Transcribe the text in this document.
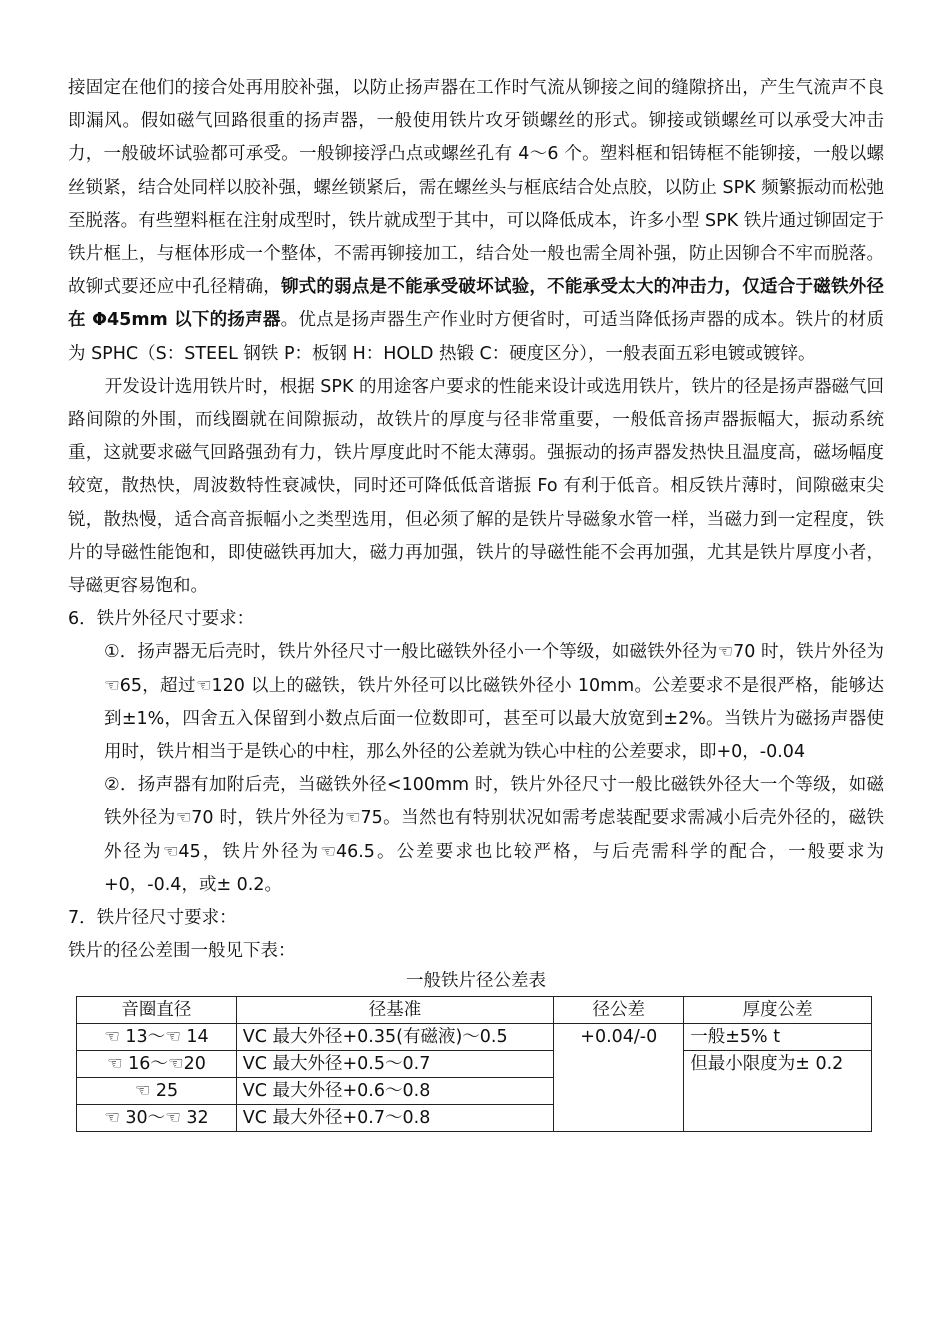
接固定在他们的接合处再用胶补强，以防止扬声器在工作时气流从铆接之间的缝隙挤出，产生气流声不良即漏风。假如磁气回路很重的扬声器，一般使用铁片攻牙锁螺丝的形式。铆接或锁螺丝可以承受大冲击力，一般破坏试验都可承受。一般铆接浮凸点或螺丝孔有 4～6 个。塑料框和铝铸框不能铆接，一般以螺丝锁紧，结合处同样以胶补强，螺丝锁紧后，需在螺丝头与框底结合处点胶，以防止 SPK 频繁振动而松弛至脱落。有些塑料框在注射成型时，铁片就成型于其中，可以降低成本，许多小型 SPK 铁片通过铆固定于铁片框上，与框体形成一个整体，不需再铆接加工，结合处一般也需全周补强，防止因铆合不牢而脱落。故铆式要还应中孔径精确，铆式的弱点是不能承受破坏试验，不能承受太大的冲击力，仅适合于磁铁外径在 Φ45mm 以下的扬声器。优点是扬声器生产作业时方便省时，可适当降低扬声器的成本。铁片的材质为 SPHC（S：STEEL 钢铁 P：板钢 H：HOLD 热锻 C：硬度区分），一般表面五彩电镀或镀锌。

开发设计选用铁片时，根据 SPK 的用途客户要求的性能来设计或选用铁片，铁片的径是扬声器磁气回路间隙的外围，而线圈就在间隙振动，故铁片的厚度与径非常重要，一般低音扬声器振幅大，振动系统重，这就要求磁气回路强劲有力，铁片厚度此时不能太薄弱。强振动的扬声器发热快且温度高，磁场幅度较宽，散热快，周波数特性衰减快，同时还可降低低音谐振 Fo 有利于低音。相反铁片薄时，间隙磁束尖锐，散热慢，适合高音振幅小之类型选用，但必须了解的是铁片导磁象水管一样，当磁力到一定程度，铁片的导磁性能饱和，即使磁铁再加大，磁力再加强，铁片的导磁性能不会再加强，尤其是铁片厚度小者，导磁更容易饱和。

6．铁片外径尺寸要求：

①．扬声器无后壳时，铁片外径尺寸一般比磁铁外径小一个等级，如磁铁外径为☜70 时，铁片外径为☜65，超过☜120 以上的磁铁，铁片外径可以比磁铁外径小 10mm。公差要求不是很严格，能够达到±1%，四舍五入保留到小数点后面一位数即可，甚至可以最大放宽到±2%。当铁片为磁扬声器使用时，铁片相当于是铁心的中柱，那么外径的公差就为铁心中柱的公差要求，即+0，-0.04

②．扬声器有加附后壳，当磁铁外径<100mm 时，铁片外径尺寸一般比磁铁外径大一个等级，如磁铁外径为☜70 时，铁片外径为☜75。当然也有特别状况如需考虑装配要求需减小后壳外径的，磁铁外径为☜45，铁片外径为☜46.5。公差要求也比较严格，与后壳需科学的配合，一般要求为+0，-0.4，或± 0.2。

7．铁片径尺寸要求：

铁片的径公差围一般见下表：

一般铁片径公差表
音圈直径	径基准	径公差	厚度公差
☜ 13～☜ 14	VC 最大外径+0.35(有磁液)～0.5	+0.04/-0	一般±5% t
☜ 16～☜20	VC 最大外径+0.5～0.7		但最小限度为± 0.2
☜ 25	VC 最大外径+0.6～0.8		
☜ 30～☜ 32	VC 最大外径+0.7～0.8		
